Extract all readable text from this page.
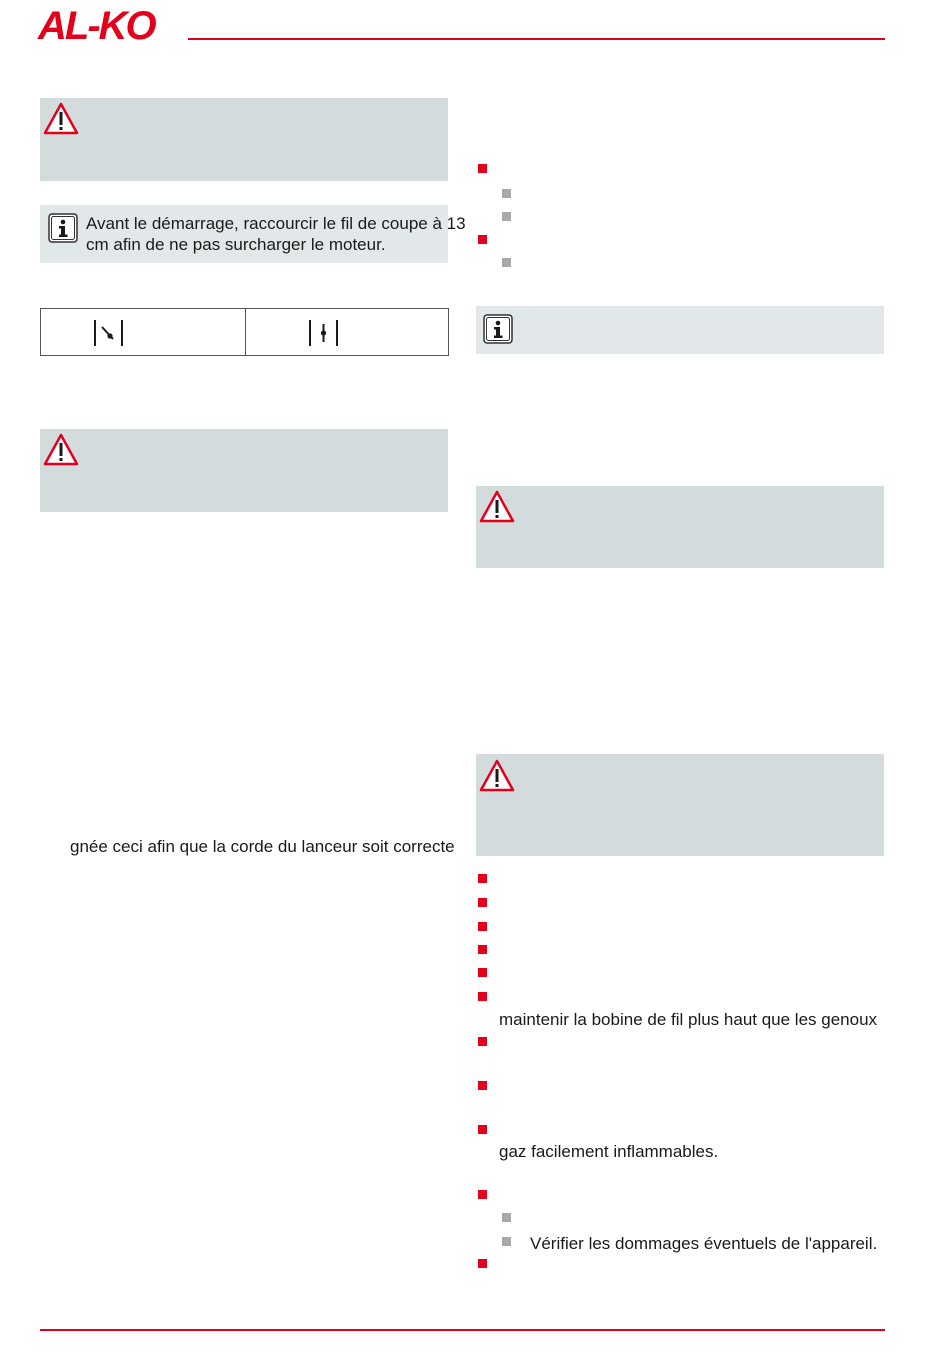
AL-KO
Avant le démarrage, raccourcir le fil de coupe à 13
cm afin de ne pas surcharger le moteur.
gnée ceci afin que la corde du lanceur soit correcte
maintenir la bobine de fil plus haut que les genoux
gaz facilement inflammables.
Vérifier les dommages éventuels de l'appareil.
